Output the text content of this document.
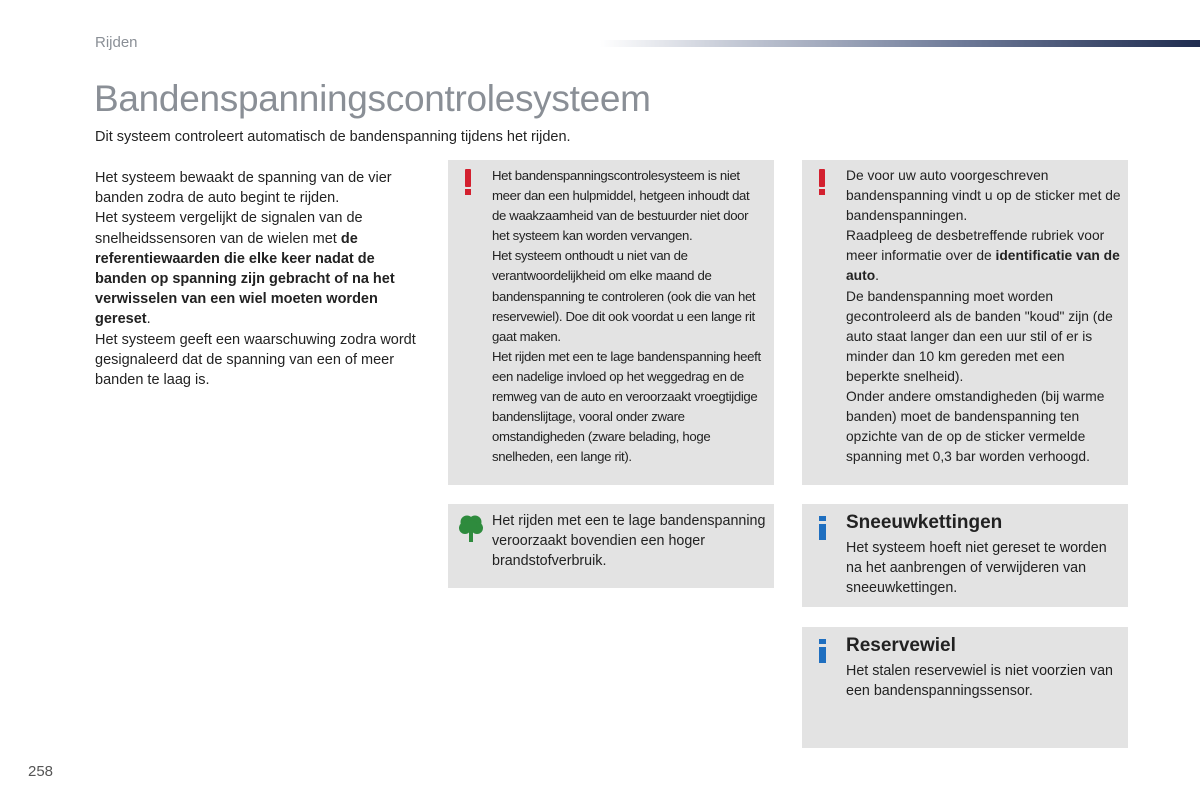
Rijden
Bandenspanningscontrolesysteem
Dit systeem controleert automatisch de bandenspanning tijdens het rijden.

Het systeem bewaakt de spanning van de vier banden zodra de auto begint te rijden.

Het systeem vergelijkt de signalen van de snelheidssensoren van de wielen met de referentiewaarden die elke keer nadat de banden op spanning zijn gebracht of na het verwisselen van een wiel moeten worden gereset.

Het systeem geeft een waarschuwing zodra wordt gesignaleerd dat de spanning van een of meer banden te laag is.

Het bandenspanningscontrolesysteem is niet meer dan een hulpmiddel, hetgeen inhoudt dat de waakzaamheid van de bestuurder niet door het systeem kan worden vervangen.

Het systeem onthoudt u niet van de verantwoordelijkheid om elke maand de bandenspanning te controleren (ook die van het reservewiel). Doe dit ook voordat u een lange rit gaat maken.

Het rijden met een te lage bandenspanning heeft een nadelige invloed op het weggedrag en de remweg van de auto en veroorzaakt vroegtijdige bandenslijtage, vooral onder zware omstandigheden (zware belading, hoge snelheden, een lange rit).

De voor uw auto voorgeschreven bandenspanning vindt u op de sticker met de bandenspanningen.

Raadpleeg de desbetreffende rubriek voor meer informatie over de identificatie van de auto.

De bandenspanning moet worden gecontroleerd als de banden "koud" zijn (de auto staat langer dan een uur stil of er is minder dan 10 km gereden met een beperkte snelheid).

Onder andere omstandigheden (bij warme banden) moet de bandenspanning ten opzichte van de op de sticker vermelde spanning met 0,3 bar worden verhoogd.

Het rijden met een te lage bandenspanning veroorzaakt bovendien een hoger brandstofverbruik.
Sneeuwkettingen
Het systeem hoeft niet gereset te worden na het aanbrengen of verwijderen van sneeuwkettingen.
Reservewiel
Het stalen reservewiel is niet voorzien van een bandenspanningssensor.
258
